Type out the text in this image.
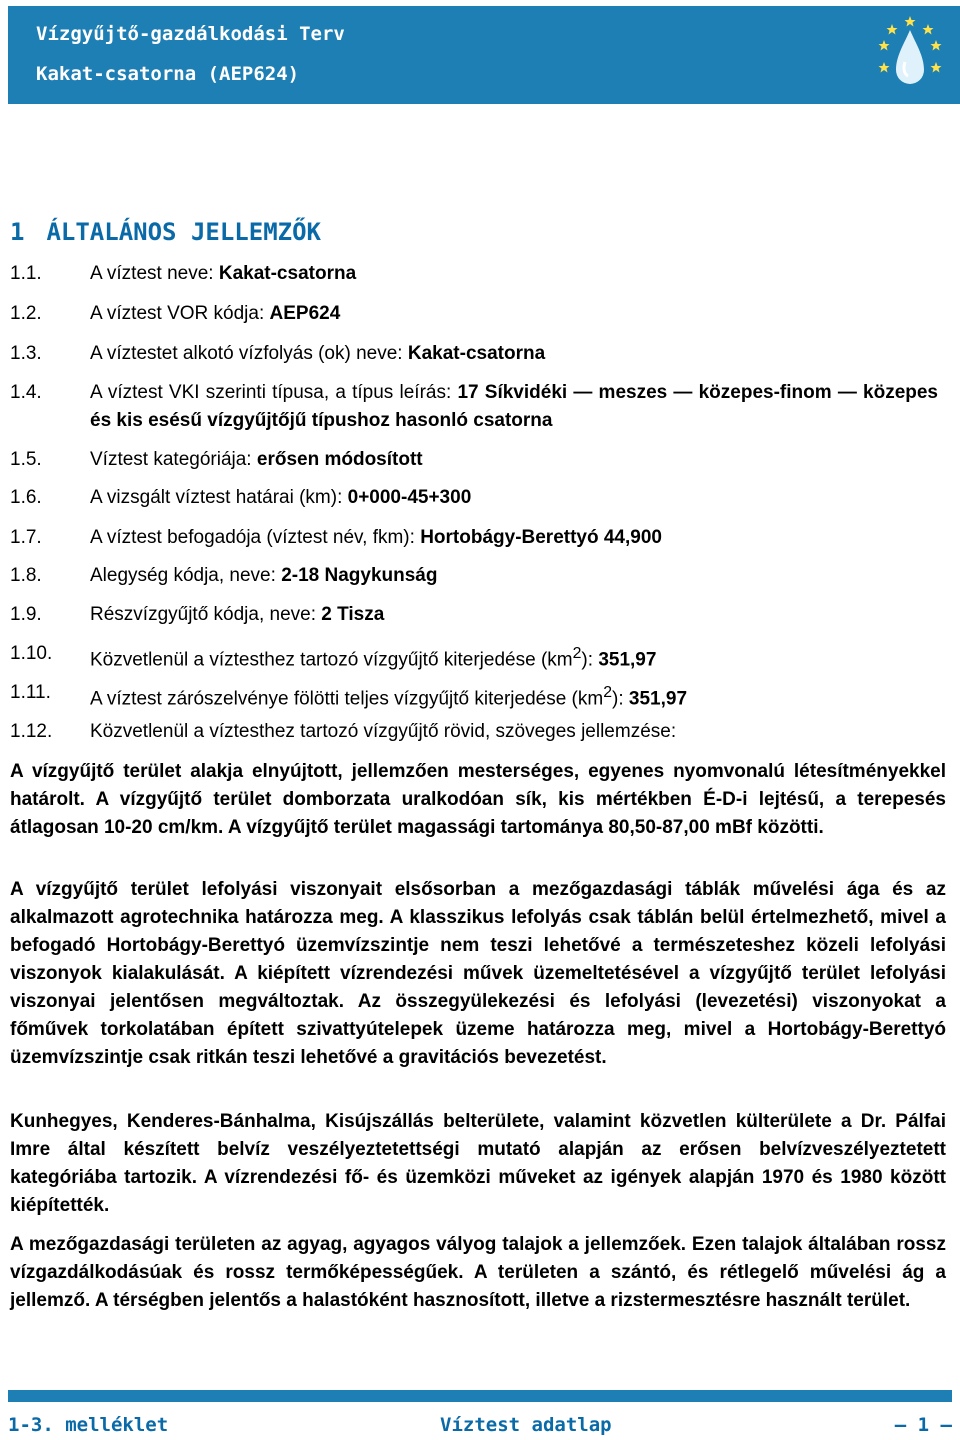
Vízgyűjtő-gazdálkodási Terv
Kakat-csatorna (AEP624)
1 ÁLTALÁNOS JELLEMZŐK
1.1.	A víztest neve: Kakat-csatorna
1.2.	A víztest VOR kódja: AEP624
1.3.	A víztestet alkotó vízfolyás (ok) neve: Kakat-csatorna
1.4.	A víztest VKI szerinti típusa, a típus leírás: 17 Síkvidéki — meszes — közepes-finom — közepes és kis esésű vízgyűjtőjű típushoz hasonló csatorna
1.5.	Víztest kategóriája: erősen módosított
1.6.	A vizsgált víztest határai (km): 0+000-45+300
1.7.	A víztest befogadója (víztest név, fkm): Hortobágy-Berettyó 44,900
1.8.	Alegység kódja, neve: 2-18 Nagykunság
1.9.	Részvízgyűjtő kódja, neve: 2 Tisza
1.10.	Közvetlenül a víztesthez tartozó vízgyűjtő kiterjedése $(km^2)$: 351,97
1.11.	A víztest zárószelvénye fölötti teljes vízgyűjtő kiterjedése $(km^2)$: 351,97
1.12.	Közvetlenül a víztesthez tartozó vízgyűjtő rövid, szöveges jellemzése:

A vízgyűjtő terület alakja elnyújtott, jellemzően mesterséges, egyenes nyomvonalú létesítményekkel határolt. A vízgyűjtő terület domborzata uralkodóan sík, kis mértékben É-D-i lejtésű, a terepesés átlagosan 10-20 cm/km. A vízgyűjtő terület magassági tartománya 80,50-87,00 mBf közötti.

A vízgyűjtő terület lefolyási viszonyait elsősorban a mezőgazdasági táblák művelési ága és az alkalmazott agrotechnika határozza meg. A klasszikus lefolyás csak táblán belül értelmezhető, mivel a befogadó Hortobágy-Berettyó üzemvízszintje nem teszi lehetővé a természeteshez közeli lefolyási viszonyok kialakulását. A kiépített vízrendezési művek üzemeltetésével a vízgyűjtő terület lefolyási viszonyai jelentősen megváltoztak. Az összegyülekezési és lefolyási (levezetési) viszonyokat a főművek torkolatában épített szivattyútelepek üzeme határozza meg, mivel a Hortobágy-Berettyó üzemvízszintje csak ritkán teszi lehetővé a gravitációs bevezetést.

Kunhegyes, Kenderes-Bánhalma, Kisújszállás belterülete, valamint közvetlen külterülete a Dr. Pálfai Imre által készített belvíz veszélyeztetettségi mutató alapján az erősen belvízveszélyeztetett kategóriába tartozik. A vízrendezési fő- és üzemközi műveket az igények alapján 1970 és 1980 között kiépítették.

A mezőgazdasági területen az agyag, agyagos vályog talajok a jellemzőek. Ezen talajok általában rossz vízgazdálkodásúak és rossz termőképességűek. A területen a szántó, és rétlegelő művelési ág a jellemző. A térségben jelentős a halastóként hasznosított, illetve a rizstermesztésre használt terület.

1-3. melléklet	Víztest adatlap	— 1 —
